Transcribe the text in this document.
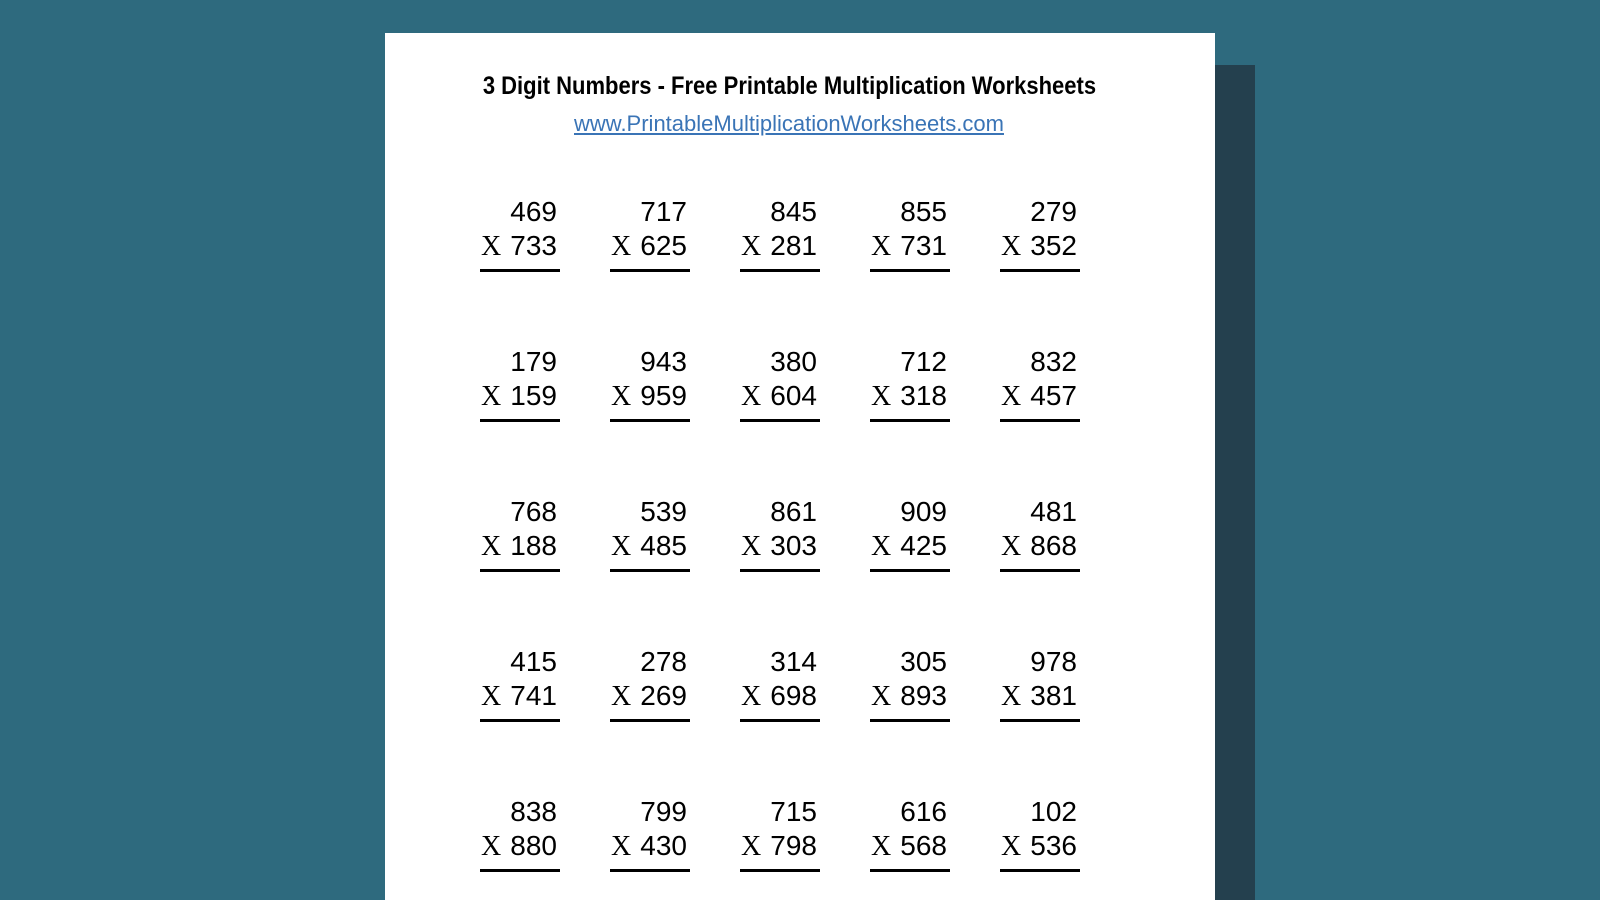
3 Digit Numbers - Free Printable Multiplication Worksheets
www.PrintableMultiplicationWorksheets.com
469
X 733
717
X 625
845
X 281
855
X 731
279
X 352
179
X 159
943
X 959
380
X 604
712
X 318
832
X 457
768
X 188
539
X 485
861
X 303
909
X 425
481
X 868
415
X 741
278
X 269
314
X 698
305
X 893
978
X 381
838
X 880
799
X 430
715
X 798
616
X 568
102
X 536
